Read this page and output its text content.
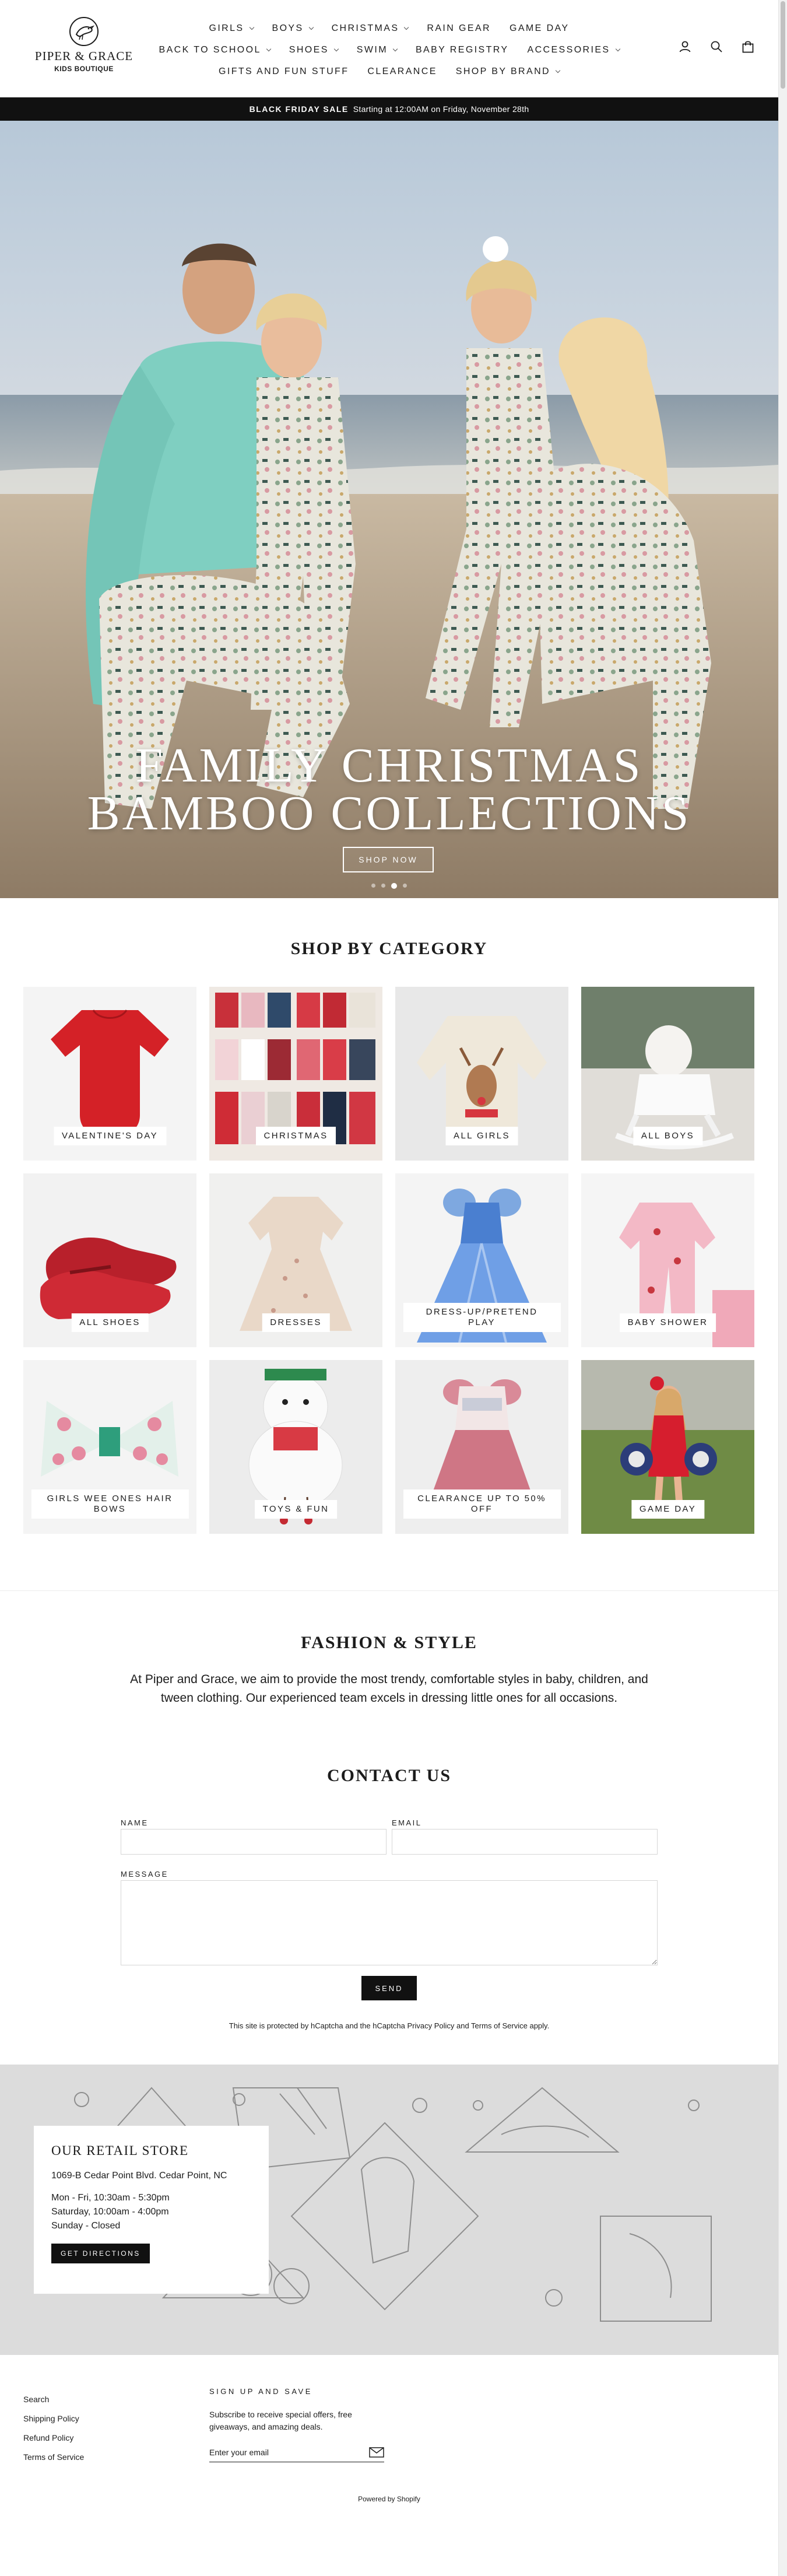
PIPER & GRACE
KIDS BOUTIQUE
GIRLS	BOYS	CHRISTMAS	RAIN GEAR GAME DAY
BACK TO SCHOOL	SHOES	SWIM	BABY REGISTRY ACCESSORIES
GIFTS AND FUN STUFF CLEARANCE SHOP BY BRAND
BLACK FRIDAY SALE Starting at 12:00AM on Friday, November 28th
FAMILY CHRISTMAS
BAMBOO COLLECTIONS
SHOP NOW
SHOP BY CATEGORY
VALENTINE'S DAY	CHRISTMAS	ALL GIRLS	ALL BOYS
ALL SHOES	DRESSES
DRESS-UP/PRETEND PLAY	BABY SHOWER
GIRLS WEE ONES HAIR BOWS	TOYS & FUN
CLEARANCE UP TO 50% OFF	GAME DAY
FASHION & STYLE

At Piper and Grace, we aim to provide the most trendy, comfortable styles in baby, children, and tween clothing. Our experienced team excels in dressing little ones for all occasions.

CONTACT US
NAME	EMAIL
MESSAGE
SEND
This site is protected by hCaptcha and the hCaptcha Privacy Policy and Terms of Service apply.
OUR RETAIL STORE
1069-B Cedar Point Blvd. Cedar Point, NC
Mon - Fri, 10:30am - 5:30pm
Saturday, 10:00am - 4:00pm
Sunday - Closed
GET DIRECTIONS
Search
Shipping Policy
Refund Policy
Terms of Service
SIGN UP AND SAVE
Subscribe to receive special offers, free giveaways, and amazing deals.
Enter your email
Powered by Shopify
